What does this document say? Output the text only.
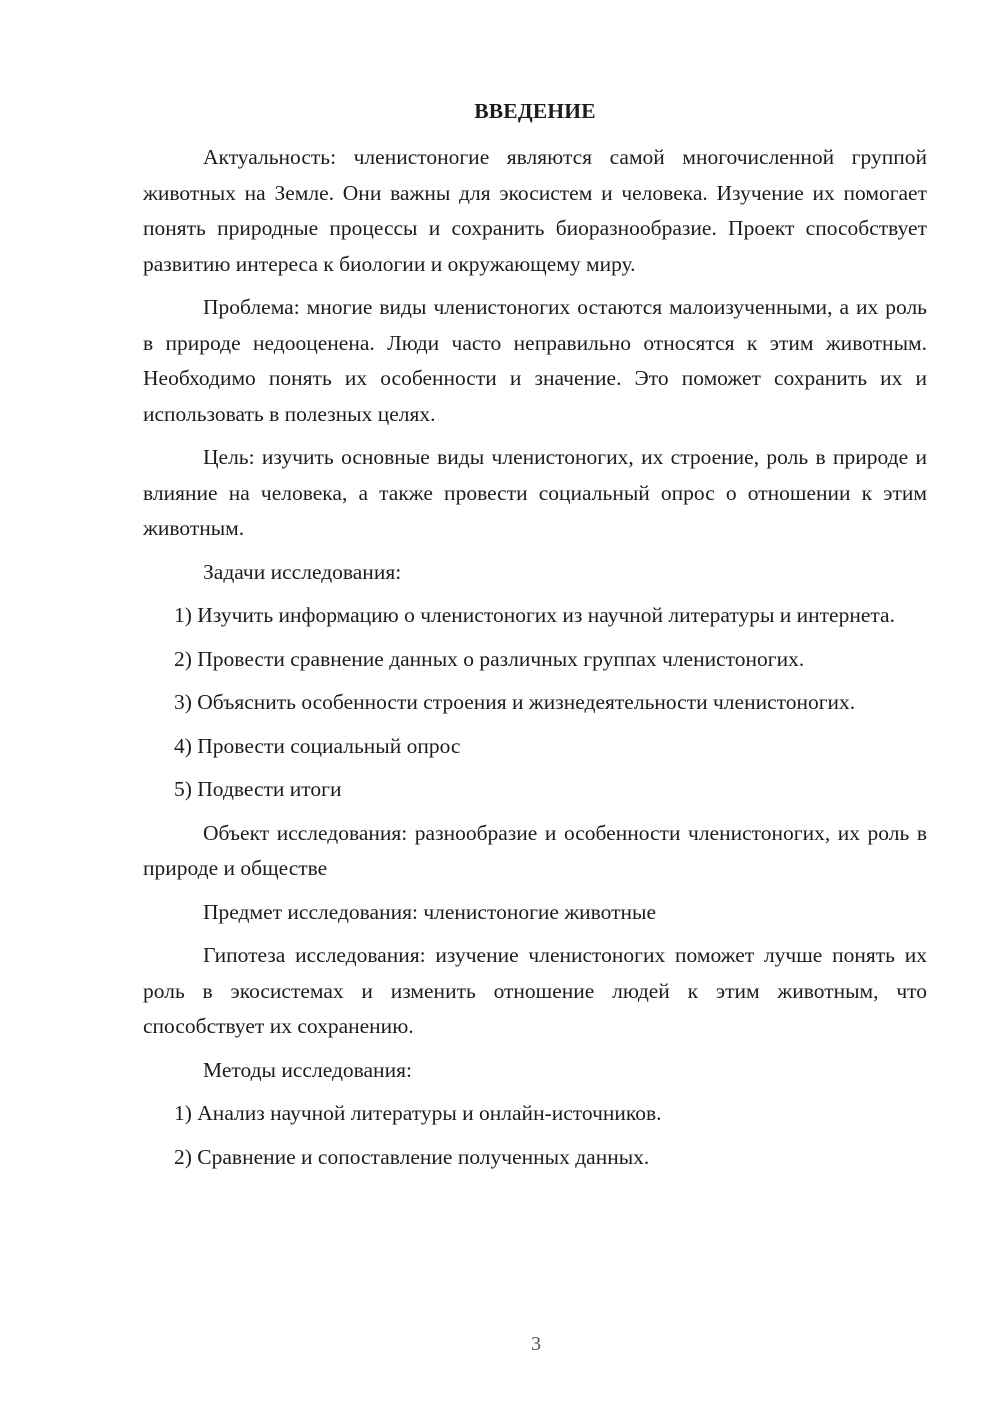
ВВЕДЕНИЕ

Актуальность: членистоногие являются самой многочисленной группой животных на Земле. Они важны для экосистем и человека. Изучение их помогает понять природные процессы и сохранить биоразнообразие. Проект способствует развитию интереса к биологии и окружающему миру.

Проблема: многие виды членистоногих остаются малоизученными, а их роль в природе недооценена. Люди часто неправильно относятся к этим животным. Необходимо понять их особенности и значение. Это поможет сохранить их и использовать в полезных целях.

Цель: изучить основные виды членистоногих, их строение, роль в природе и влияние на человека, а также провести социальный опрос о отношении к этим животным.

Задачи исследования:

1) Изучить информацию о членистоногих из научной литературы и интернета.

2) Провести сравнение данных о различных группах членистоногих.

3) Объяснить особенности строения и жизнедеятельности членистоногих.

4) Провести социальный опрос

5) Подвести итоги

Объект исследования: разнообразие и особенности членистоногих, их роль в природе и обществе

Предмет исследования: членистоногие животные

Гипотеза исследования: изучение членистоногих поможет лучше понять их роль в экосистемах и изменить отношение людей к этим животным, что способствует их сохранению.

Методы исследования:

1) Анализ научной литературы и онлайн-источников.

2) Сравнение и сопоставление полученных данных.

3
